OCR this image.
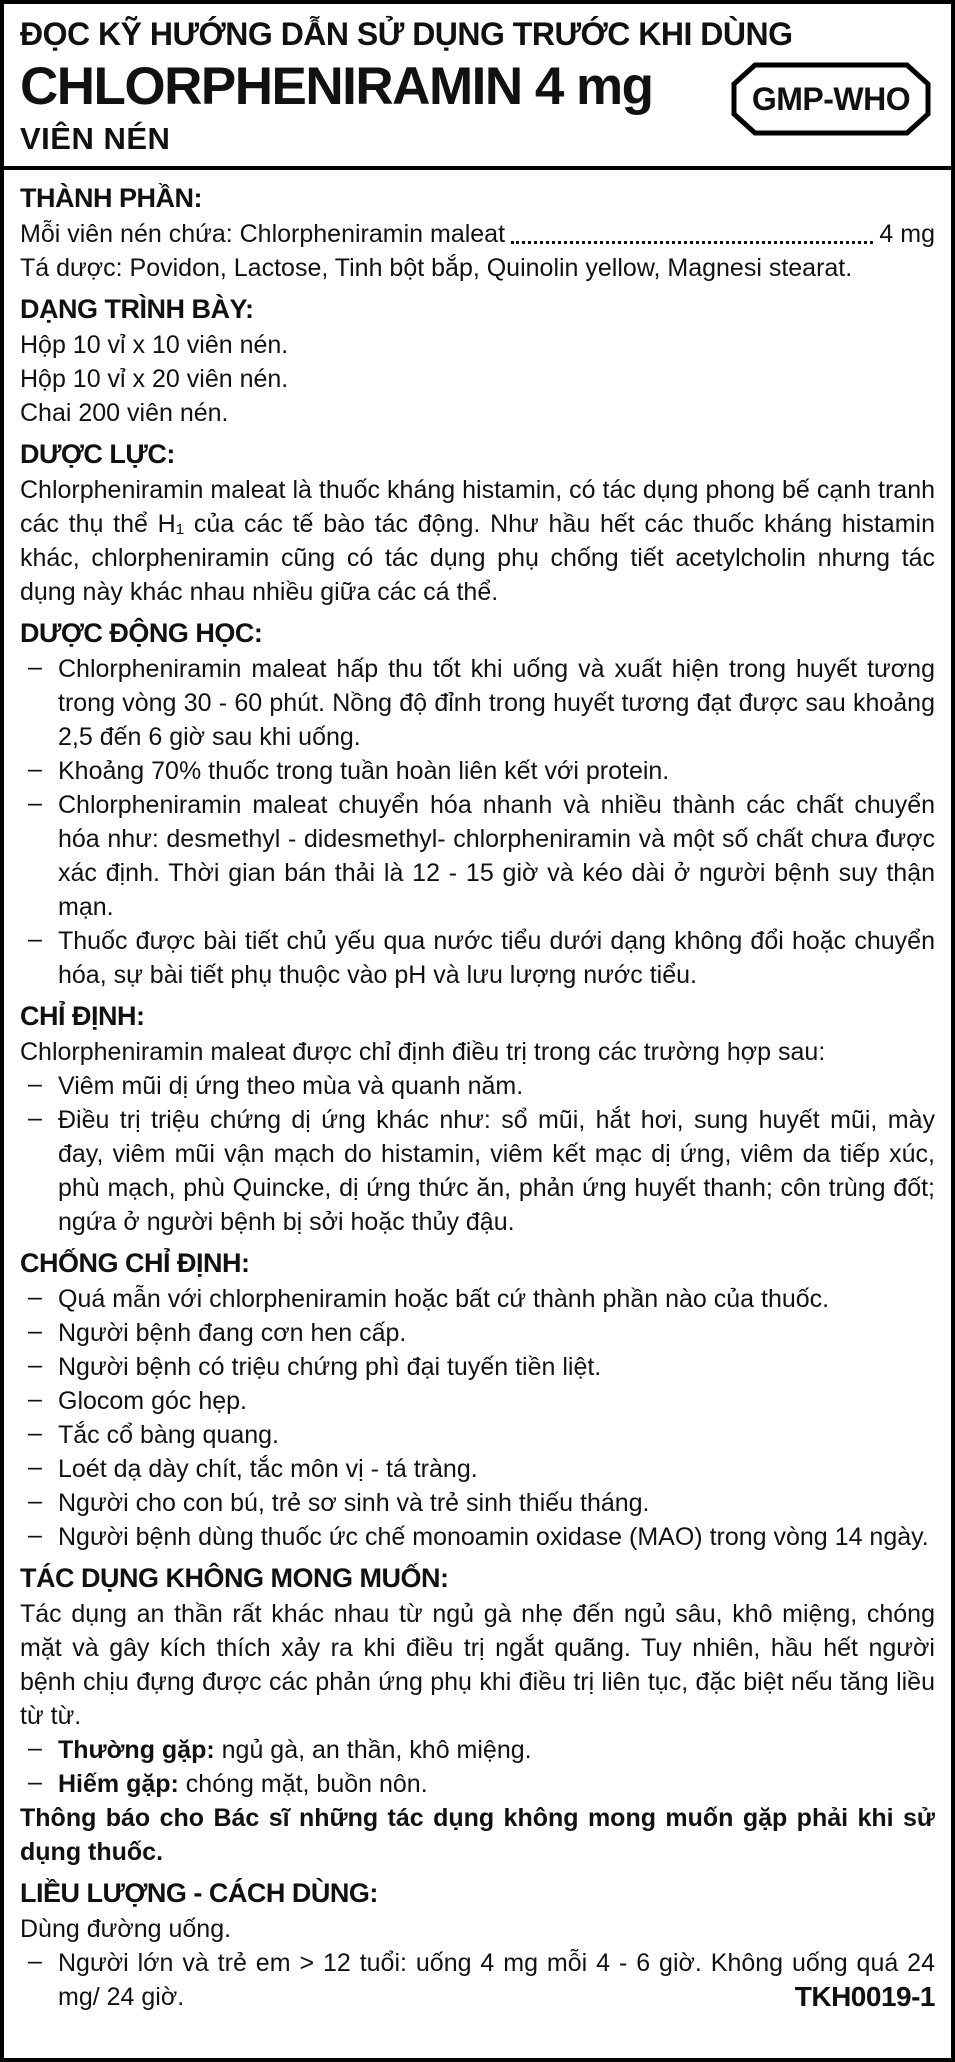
ĐỌC KỸ HƯỚNG DẪN SỬ DỤNG TRƯỚC KHI DÙNG
CHLORPHENIRAMIN 4 mg
VIÊN NÉN
GMP-WHO
THÀNH PHẦN:
Mỗi viên nén chứa: Chlorpheniramin maleat	4 mg

Tá dược: Povidon, Lactose, Tinh bột bắp, Quinolin yellow, Magnesi stearat.

DẠNG TRÌNH BÀY:

Hộp 10 vỉ x 10 viên nén.

Hộp 10 vỉ x 20 viên nén.

Chai 200 viên nén.

DƯỢC LỰC:

Chlorpheniramin maleat là thuốc kháng histamin, có tác dụng phong bế cạnh tranh các thụ thể H₁ của các tế bào tác động. Như hầu hết các thuốc kháng histamin khác, chlorpheniramin cũng có tác dụng phụ chống tiết acetylcholin nhưng tác dụng này khác nhau nhiều giữa các cá thể.

DƯỢC ĐỘNG HỌC:
– Chlorpheniramin maleat hấp thu tốt khi uống và xuất hiện trong huyết tương trong vòng 30 - 60 phút. Nồng độ đỉnh trong huyết tương đạt được sau khoảng 2,5 đến 6 giờ sau khi uống.
– Khoảng 70% thuốc trong tuần hoàn liên kết với protein.
– Chlorpheniramin maleat chuyển hóa nhanh và nhiều thành các chất chuyển hóa như: desmethyl - didesmethyl- chlorpheniramin và một số chất chưa được xác định. Thời gian bán thải là 12 - 15 giờ và kéo dài ở người bệnh suy thận mạn.
– Thuốc được bài tiết chủ yếu qua nước tiểu dưới dạng không đổi hoặc chuyển hóa, sự bài tiết phụ thuộc vào pH và lưu lượng nước tiểu.
CHỈ ĐỊNH:

Chlorpheniramin maleat được chỉ định điều trị trong các trường hợp sau:

– Viêm mũi dị ứng theo mùa và quanh năm.
– Điều trị triệu chứng dị ứng khác như: sổ mũi, hắt hơi, sung huyết mũi, mày đay, viêm mũi vận mạch do histamin, viêm kết mạc dị ứng, viêm da tiếp xúc, phù mạch, phù Quincke, dị ứng thức ăn, phản ứng huyết thanh; côn trùng đốt; ngứa ở người bệnh bị sởi hoặc thủy đậu.
CHỐNG CHỈ ĐỊNH:
– Quá mẫn với chlorpheniramin hoặc bất cứ thành phần nào của thuốc.
– Người bệnh đang cơn hen cấp.
– Người bệnh có triệu chứng phì đại tuyến tiền liệt.
– Glocom góc hẹp.
– Tắc cổ bàng quang.
– Loét dạ dày chít, tắc môn vị - tá tràng.
– Người cho con bú, trẻ sơ sinh và trẻ sinh thiếu tháng.
– Người bệnh dùng thuốc ức chế monoamin oxidase (MAO) trong vòng 14 ngày.
TÁC DỤNG KHÔNG MONG MUỐN:

Tác dụng an thần rất khác nhau từ ngủ gà nhẹ đến ngủ sâu, khô miệng, chóng mặt và gây kích thích xảy ra khi điều trị ngắt quãng. Tuy nhiên, hầu hết người bệnh chịu đựng được các phản ứng phụ khi điều trị liên tục, đặc biệt nếu tăng liều từ từ.

– Thường gặp: ngủ gà, an thần, khô miệng.
– Hiếm gặp: chóng mặt, buồn nôn.

Thông báo cho Bác sĩ những tác dụng không mong muốn gặp phải khi sử dụng thuốc.

LIỀU LƯỢNG - CÁCH DÙNG:

Dùng đường uống.

– Người lớn và trẻ em > 12 tuổi: uống 4 mg mỗi 4 - 6 giờ. Không uống quá 24 mg/ 24 giờ.	TKH0019-1
